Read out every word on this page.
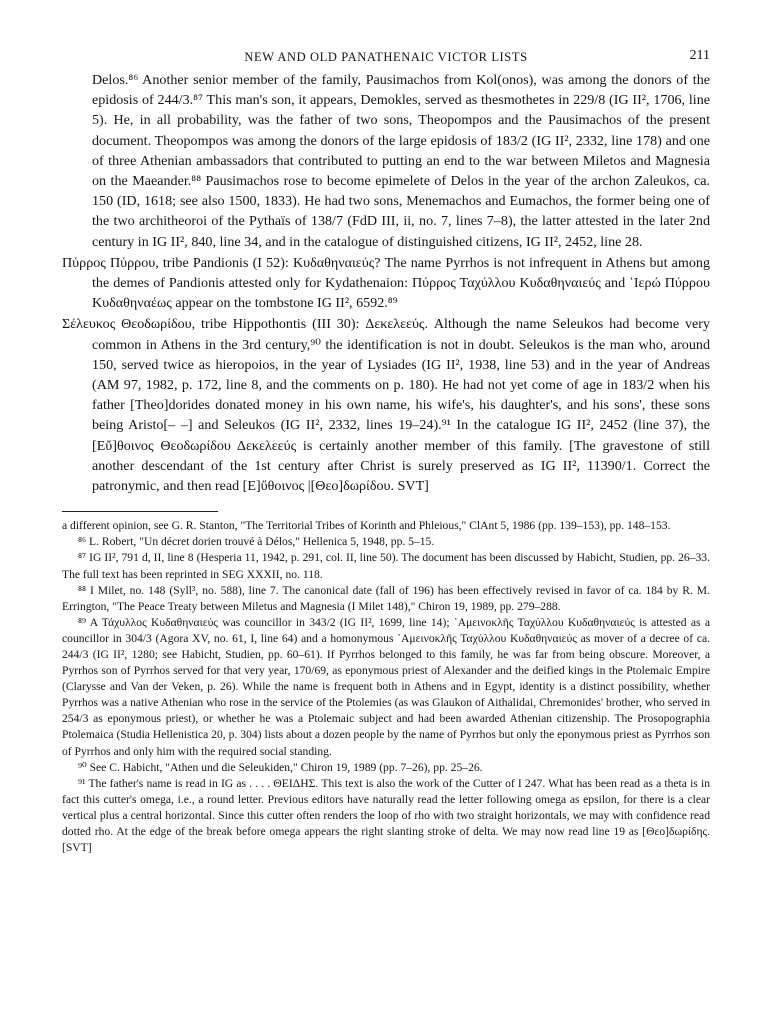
NEW AND OLD PANATHENAIC VICTOR LISTS	211

Delos.⁸⁶ Another senior member of the family, Pausimachos from Kol(onos), was among the donors of the epidosis of 244/3.⁸⁷ This man's son, it appears, Demokles, served as thesmothetes in 229/8 (IG II², 1706, line 5). He, in all probability, was the father of two sons, Theopompos and the Pausimachos of the present document. Theopompos was among the donors of the large epidosis of 183/2 (IG II², 2332, line 178) and one of three Athenian ambassadors that contributed to putting an end to the war between Miletos and Magnesia on the Maeander.⁸⁸ Pausimachos rose to become epimelete of Delos in the year of the archon Zaleukos, ca. 150 (ID, 1618; see also 1500, 1833). He had two sons, Menemachos and Eumachos, the former being one of the two architheoroi of the Pythaïs of 138/7 (FdD III, ii, no. 7, lines 7–8), the latter attested in the later 2nd century in IG II², 840, line 34, and in the catalogue of distinguished citizens, IG II², 2452, line 28.

Πύρρος Πύρρου, tribe Pandionis (I 52): Κυδαθηναιεύς? The name Pyrrhos is not infrequent in Athens but among the demes of Pandionis attested only for Kydathenaion: Πύρρος Ταχύλλου Κυδαθηναιεύς and ῾Ιερώ Πύρρου Κυδαθηναέως appear on the tombstone IG II², 6592.⁸⁹

Σέλευκος Θεοδωρίδου, tribe Hippothontis (III 30): Δεκελεεύς. Although the name Seleukos had become very common in Athens in the 3rd century,⁹⁰ the identification is not in doubt. Seleukos is the man who, around 150, served twice as hieropoios, in the year of Lysiades (IG II², 1938, line 53) and in the year of Andreas (AM 97, 1982, p. 172, line 8, and the comments on p. 180). He had not yet come of age in 183/2 when his father [Theo]dorides donated money in his own name, his wife's, his daughter's, and his sons', these sons being Aristo[– –] and Seleukos (IG II², 2332, lines 19–24).⁹¹ In the catalogue IG II², 2452 (line 37), the [Εὔ]θοινος Θεοδωρίδου Δεκελεεύς is certainly another member of this family. [The gravestone of still another descendant of the 1st century after Christ is surely preserved as IG II², 11390/1. Correct the patronymic, and then read [Ε]ὔθοινος |[Θεο]δωρίδου. SVT]

a different opinion, see G. R. Stanton, "The Territorial Tribes of Korinth and Phleious," ClAnt 5, 1986 (pp. 139–153), pp. 148–153.

⁸⁶ L. Robert, "Un décret dorien trouvé à Délos," Hellenica 5, 1948, pp. 5–15.

⁸⁷ IG II², 791 d, II, line 8 (Hesperia 11, 1942, p. 291, col. II, line 50). The document has been discussed by Habicht, Studien, pp. 26–33. The full text has been reprinted in SEG XXXII, no. 118.

⁸⁸ I Milet, no. 148 (Syll³, no. 588), line 7. The canonical date (fall of 196) has been effectively revised in favor of ca. 184 by R. M. Errington, "The Peace Treaty between Miletus and Magnesia (I Milet 148)," Chiron 19, 1989, pp. 279–288.

⁸⁹ A Τάχυλλος Κυδαθηναιεύς was councillor in 343/2 (IG II², 1699, line 14); ᾿Αμεινοκλῆς Ταχύλλου Κυδαθηναιεύς is attested as a councillor in 304/3 (Agora XV, no. 61, I, line 64) and a homonymous ᾿Αμεινοκλῆς Ταχύλλου Κυδαθηναιεύς as mover of a decree of ca. 244/3 (IG II², 1280; see Habicht, Studien, pp. 60–61). If Pyrrhos belonged to this family, he was far from being obscure. Moreover, a Pyrrhos son of Pyrrhos served for that very year, 170/69, as eponymous priest of Alexander and the deified kings in the Ptolemaic Empire (Clarysse and Van der Veken, p. 26). While the name is frequent both in Athens and in Egypt, identity is a distinct possibility, whether Pyrrhos was a native Athenian who rose in the service of the Ptolemies (as was Glaukon of Aithalidai, Chremonides' brother, who served in 254/3 as eponymous priest), or whether he was a Ptolemaic subject and had been awarded Athenian citizenship. The Prosopographia Ptolemaica (Studia Hellenistica 20, p. 304) lists about a dozen people by the name of Pyrrhos but only the eponymous priest as Pyrrhos son of Pyrrhos and only him with the required social standing.

⁹⁰ See C. Habicht, "Athen und die Seleukiden," Chiron 19, 1989 (pp. 7–26), pp. 25–26.

⁹¹ The father's name is read in IG as . . . . ΘΕΙΔΗΣ. This text is also the work of the Cutter of I 247. What has been read as a theta is in fact this cutter's omega, i.e., a round letter. Previous editors have naturally read the letter following omega as epsilon, for there is a clear vertical plus a central horizontal. Since this cutter often renders the loop of rho with two straight horizontals, we may with confidence read dotted rho. At the edge of the break before omega appears the right slanting stroke of delta. We may now read line 19 as [Θεο]δωρίδης. [SVT]
